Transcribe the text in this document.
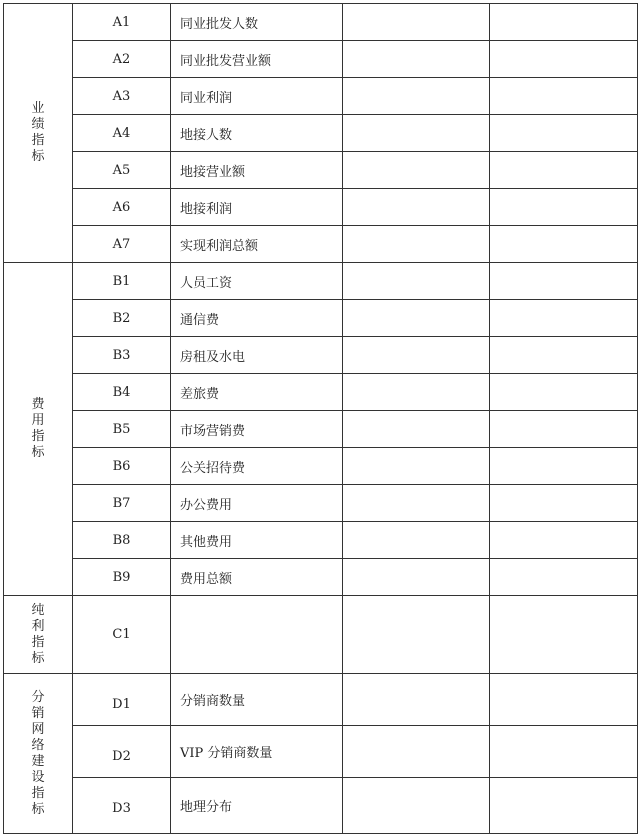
业绩指标	A1	同业批发人数		
	A2	同业批发营业额		
	A3	同业利润		
	A4	地接人数		
	A5	地接营业额		
	A6	地接利润		
	A7	实现利润总额		
费用指标	B1	人员工资		
	B2	通信费		
	B3	房租及水电		
	B4	差旅费		
	B5	市场营销费		
	B6	公关招待费		
	B7	办公费用		
	B8	其他费用		
	B9	费用总额		
纯利指标	C1			
分销网络建设指标	D1	分销商数量		
	D2	VIP 分销商数量		
	D3	地理分布		
